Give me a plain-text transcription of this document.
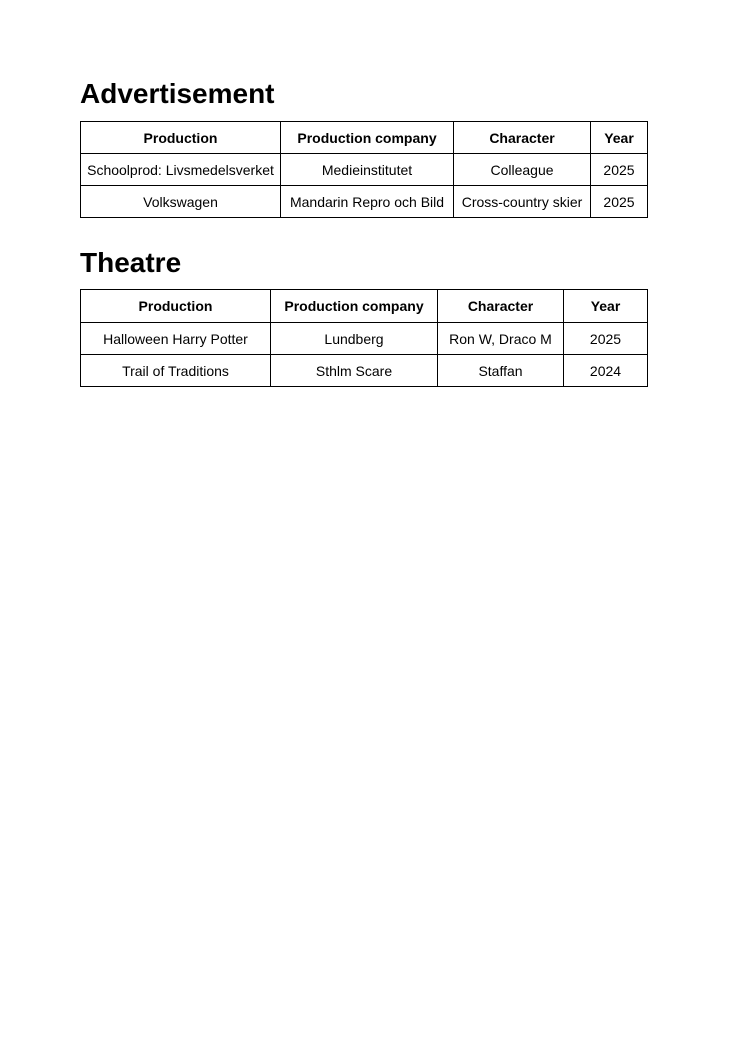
Advertisement
Production	Production company	Character	Year
Schoolprod: Livsmedelsverket	Medieinstitutet	Colleague	2025
Volkswagen	Mandarin Repro och Bild	Cross-country skier	2025
Theatre
Production	Production company	Character	Year
Halloween Harry Potter	Lundberg	Ron W, Draco M	2025
Trail of Traditions	Sthlm Scare	Staffan	2024
